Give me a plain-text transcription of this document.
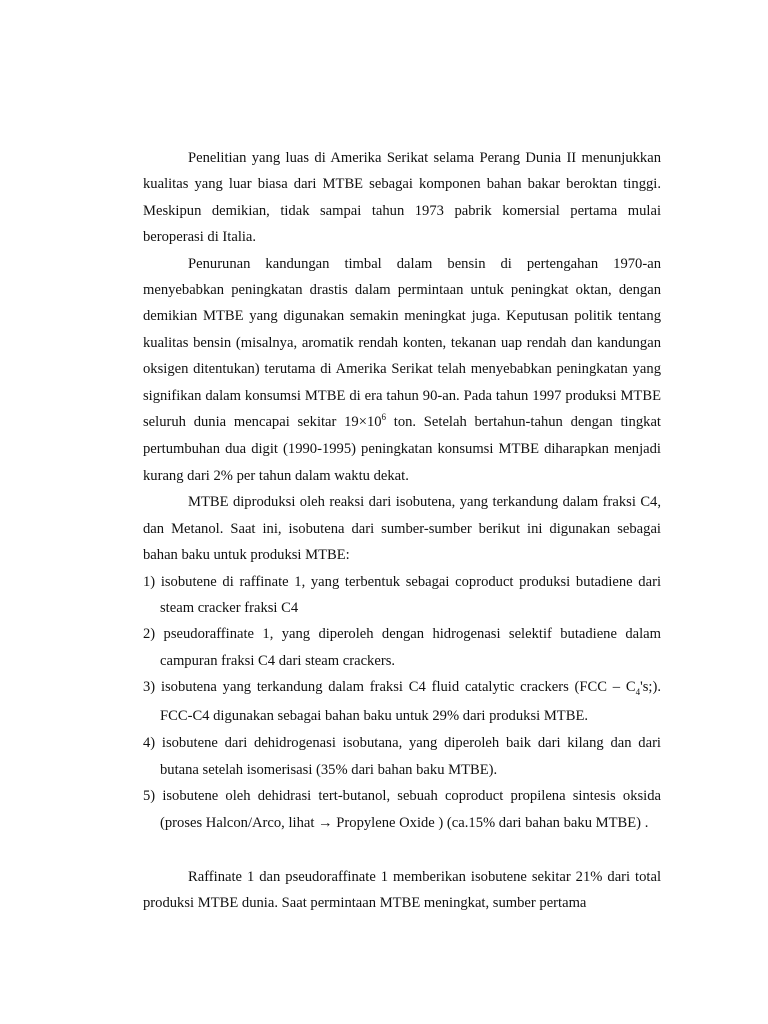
Penelitian yang luas di Amerika Serikat selama Perang Dunia II menunjukkan kualitas yang luar biasa dari MTBE sebagai komponen bahan bakar beroktan tinggi. Meskipun demikian, tidak sampai tahun 1973 pabrik komersial pertama mulai beroperasi di Italia.

Penurunan kandungan timbal dalam bensin di pertengahan 1970-an menyebabkan peningkatan drastis dalam permintaan untuk peningkat oktan, dengan demikian MTBE yang digunakan semakin meningkat juga. Keputusan politik tentang kualitas bensin (misalnya, aromatik rendah konten, tekanan uap rendah dan kandungan oksigen ditentukan) terutama di Amerika Serikat telah menyebabkan peningkatan yang signifikan dalam konsumsi MTBE di era tahun 90-an. Pada tahun 1997 produksi MTBE seluruh dunia mencapai sekitar $19\times 10^6$ ton. Setelah bertahun-tahun dengan tingkat pertumbuhan dua digit (1990-1995) peningkatan konsumsi MTBE diharapkan menjadi kurang dari 2% per tahun dalam waktu dekat.

MTBE diproduksi oleh reaksi dari isobutena, yang terkandung dalam fraksi C4, dan Metanol. Saat ini, isobutena dari sumber-sumber berikut ini digunakan sebagai bahan baku untuk produksi MTBE:

1) isobutene di raffinate 1, yang terbentuk sebagai coproduct produksi butadiene dari steam cracker fraksi C4
2) pseudoraffinate 1, yang diperoleh dengan hidrogenasi selektif butadiene dalam campuran fraksi C4 dari steam crackers.
3) isobutena yang terkandung dalam fraksi C4 fluid catalytic crackers $(FCC - C_4's;)$. FCC-C4 digunakan sebagai bahan baku untuk 29% dari produksi MTBE.
4) isobutene dari dehidrogenasi isobutana, yang diperoleh baik dari kilang dan dari butana setelah isomerisasi (35% dari bahan baku MTBE).
5) isobutene oleh dehidrasi tert-butanol, sebuah coproduct propilena sintesis oksida (proses Halcon/Arco, lihat → Propylene Oxide ) (ca.15% dari bahan baku MTBE) .

Raffinate 1 dan pseudoraffinate 1 memberikan isobutene sekitar 21% dari total produksi MTBE dunia. Saat permintaan MTBE meningkat, sumber pertama
